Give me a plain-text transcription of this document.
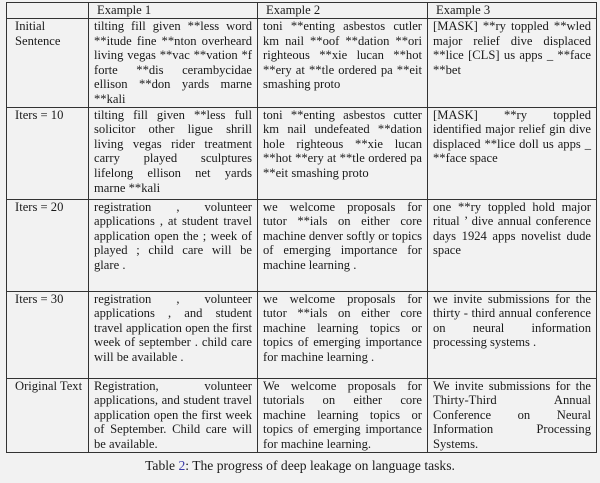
	Example 1	Example 2	Example 3
Initial Sentence	tilting fill given **less word **itude fine **nton overheard living vegas **vac **vation *f forte **dis cerambycidae ellison **don yards marne **kali	toni **enting asbestos cutler km nail **oof **dation **ori righteous **xie lucan **hot **ery at **tle ordered pa **eit smashing proto	[MASK] **ry toppled **wled major relief dive displaced **lice [CLS] us apps _ **face **bet

Iters = 10	tilting fill given **less full solicitor other ligue shrill living vegas rider treatment carry played sculptures lifelong ellison net yards marne **kali	toni **enting asbestos cutter km nail undefeated **dation hole righteous **xie lucan **hot **ery at **tle ordered pa **eit smashing proto	[MASK] **ry toppled identified major relief gin dive displaced **lice doll us apps _ **face space

Iters = 20	registration , volunteer applications , at student travel application open the ; week of played ; child care will be glare .	we welcome proposals for tutor **ials on either core machine denver softly or topics of emerging importance for machine learning .	one **ry toppled hold major ritual ’ dive annual conference days 1924 apps novelist dude space

Iters = 30	registration , volunteer applications , and student travel application open the first week of september . child care will be available .	we welcome proposals for tutor **ials on either core machine learning topics or topics of emerging importance for machine learning .	we invite submissions for the thirty - third annual conference on neural information processing systems .

Original Text	Registration, volunteer applications, and student travel application open the first week of September. Child care will be available.	We welcome proposals for tutorials on either core machine learning topics or topics of emerging importance for machine learning.	We invite submissions for the Thirty-Third Annual Conference on Neural Information Processing Systems.
Table 2: The progress of deep leakage on language tasks.
